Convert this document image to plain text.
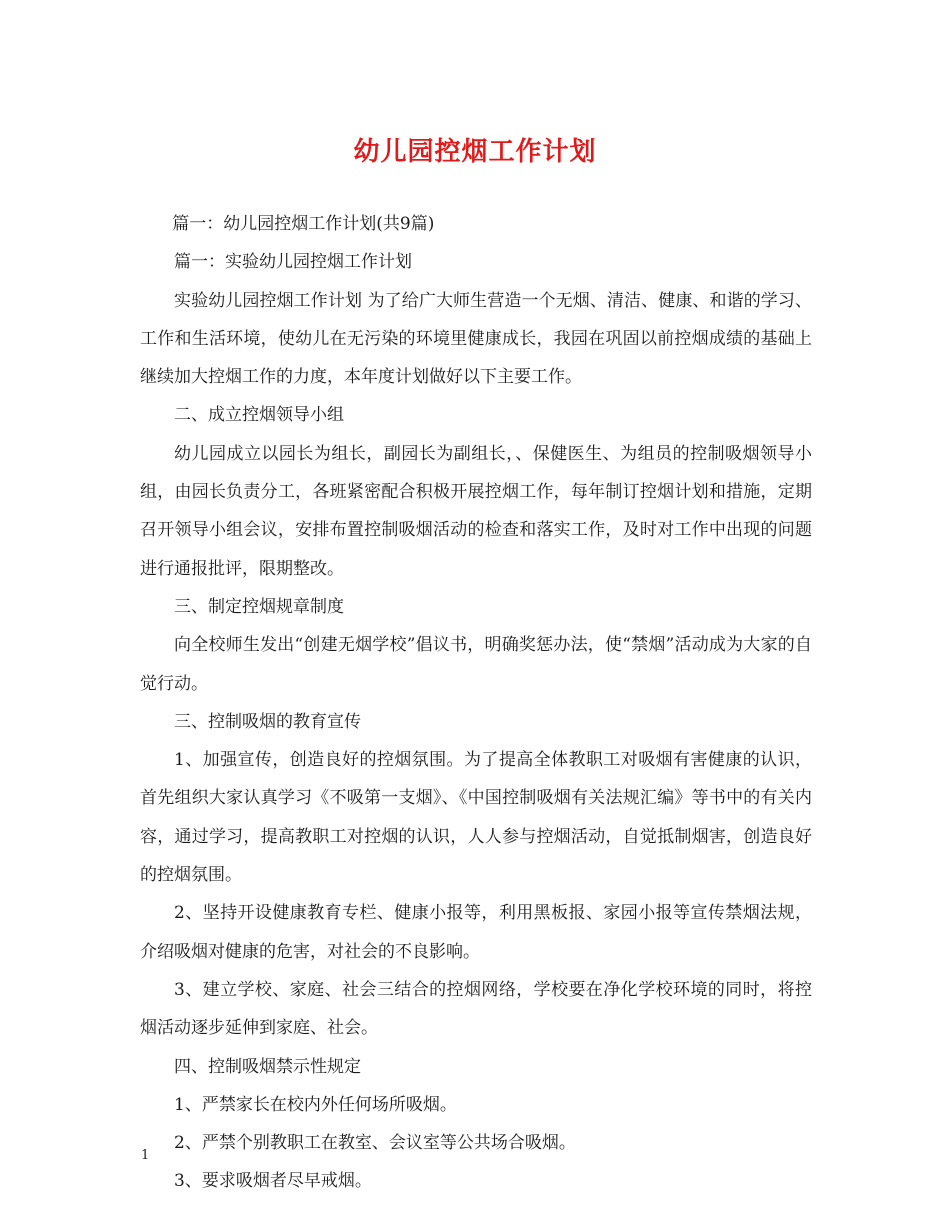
幼儿园控烟工作计划

篇一：幼儿园控烟工作计划(共9篇)

篇一：实验幼儿园控烟工作计划

实验幼儿园控烟工作计划 为了给广大师生营造一个无烟、清洁、健康、和谐的学习、工作和生活环境，使幼儿在无污染的环境里健康成长，我园在巩固以前控烟成绩的基础上继续加大控烟工作的力度，本年度计划做好以下主要工作。

二、成立控烟领导小组

幼儿园成立以园长为组长，副园长为副组长，、保健医生、为组员的控制吸烟领导小组，由园长负责分工，各班紧密配合积极开展控烟工作，每年制订控烟计划和措施，定期召开领导小组会议，安排布置控制吸烟活动的检查和落实工作，及时对工作中出现的问题进行通报批评，限期整改。

三、制定控烟规章制度

向全校师生发出“创建无烟学校”倡议书，明确奖惩办法，使“禁烟”活动成为大家的自觉行动。

三、控制吸烟的教育宣传

1、加强宣传，创造良好的控烟氛围。为了提高全体教职工对吸烟有害健康的认识，首先组织大家认真学习《不吸第一支烟》、《中国控制吸烟有关法规汇编》等书中的有关内容，通过学习，提高教职工对控烟的认识，人人参与控烟活动，自觉抵制烟害，创造良好的控烟氛围。

2、坚持开设健康教育专栏、健康小报等，利用黑板报、家园小报等宣传禁烟法规，介绍吸烟对健康的危害，对社会的不良影响。

3、建立学校、家庭、社会三结合的控烟网络，学校要在净化学校环境的同时，将控烟活动逐步延伸到家庭、社会。

四、控制吸烟禁示性规定

1、严禁家长在校内外任何场所吸烟。

2、严禁个别教职工在教室、会议室等公共场合吸烟。

3、要求吸烟者尽早戒烟。

1
